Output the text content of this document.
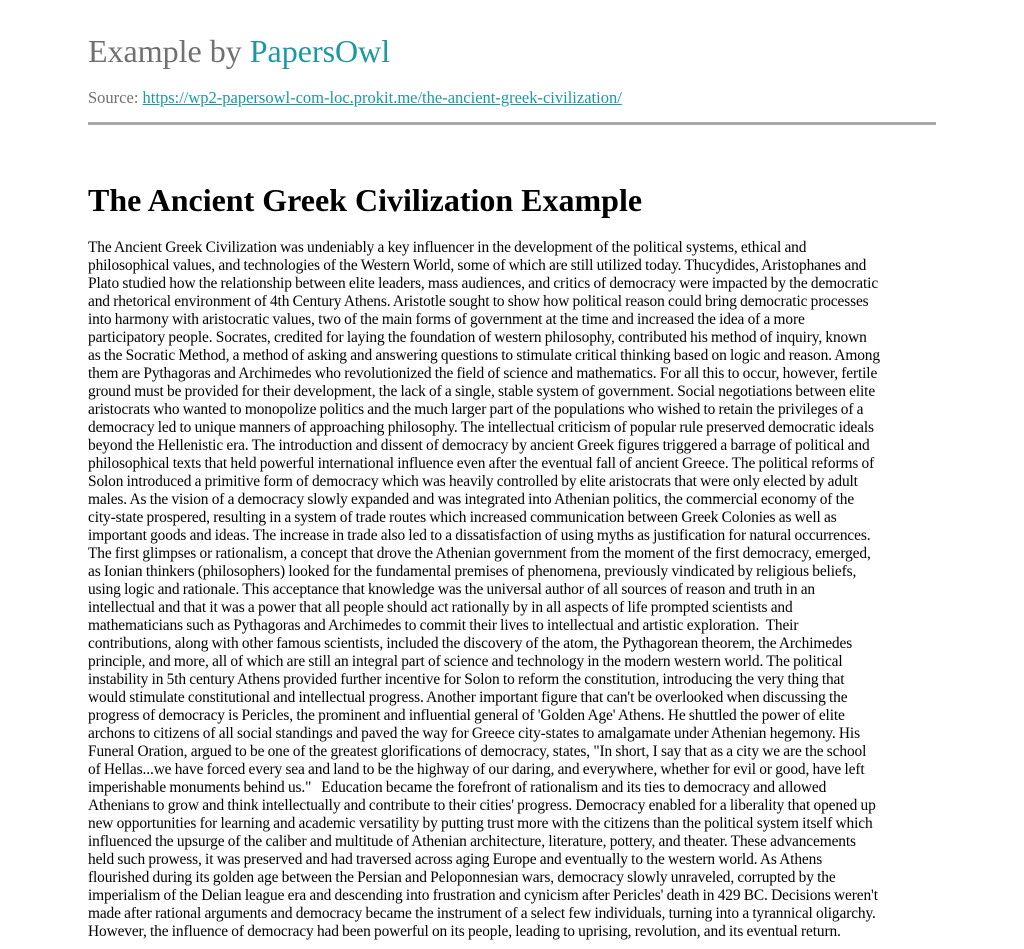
Example by PapersOwl
Source: https://wp2-papersowl-com-loc.prokit.me/the-ancient-greek-civilization/
The Ancient Greek Civilization Example
The Ancient Greek Civilization was undeniably a key influencer in the development of the political systems, ethical and
philosophical values, and technologies of the Western World, some of which are still utilized today. Thucydides, Aristophanes and
Plato studied how the relationship between elite leaders, mass audiences, and critics of democracy were impacted by the democratic
and rhetorical environment of 4th Century Athens. Aristotle sought to show how political reason could bring democratic processes
into harmony with aristocratic values, two of the main forms of government at the time and increased the idea of a more
participatory people. Socrates, credited for laying the foundation of western philosophy, contributed his method of inquiry, known
as the Socratic Method, a method of asking and answering questions to stimulate critical thinking based on logic and reason. Among
them are Pythagoras and Archimedes who revolutionized the field of science and mathematics. For all this to occur, however, fertile
ground must be provided for their development, the lack of a single, stable system of government. Social negotiations between elite
aristocrats who wanted to monopolize politics and the much larger part of the populations who wished to retain the privileges of a
democracy led to unique manners of approaching philosophy. The intellectual criticism of popular rule preserved democratic ideals
beyond the Hellenistic era. The introduction and dissent of democracy by ancient Greek figures triggered a barrage of political and
philosophical texts that held powerful international influence even after the eventual fall of ancient Greece. The political reforms of
Solon introduced a primitive form of democracy which was heavily controlled by elite aristocrats that were only elected by adult
males. As the vision of a democracy slowly expanded and was integrated into Athenian politics, the commercial economy of the
city-state prospered, resulting in a system of trade routes which increased communication between Greek Colonies as well as
important goods and ideas. The increase in trade also led to a dissatisfaction of using myths as justification for natural occurrences.
The first glimpses or rationalism, a concept that drove the Athenian government from the moment of the first democracy, emerged,
as Ionian thinkers (philosophers) looked for the fundamental premises of phenomena, previously vindicated by religious beliefs,
using logic and rationale. This acceptance that knowledge was the universal author of all sources of reason and truth in an
intellectual and that it was a power that all people should act rationally by in all aspects of life prompted scientists and
mathematicians such as Pythagoras and Archimedes to commit their lives to intellectual and artistic exploration.  Their
contributions, along with other famous scientists, included the discovery of the atom, the Pythagorean theorem, the Archimedes
principle, and more, all of which are still an integral part of science and technology in the modern western world. The political
instability in 5th century Athens provided further incentive for Solon to reform the constitution, introducing the very thing that
would stimulate constitutional and intellectual progress. Another important figure that can't be overlooked when discussing the
progress of democracy is Pericles, the prominent and influential general of 'Golden Age' Athens. He shuttled the power of elite
archons to citizens of all social standings and paved the way for Greece city-states to amalgamate under Athenian hegemony. His
Funeral Oration, argued to be one of the greatest glorifications of democracy, states, "In short, I say that as a city we are the school
of Hellas...we have forced every sea and land to be the highway of our daring, and everywhere, whether for evil or good, have left
imperishable monuments behind us."   Education became the forefront of rationalism and its ties to democracy and allowed
Athenians to grow and think intellectually and contribute to their cities' progress. Democracy enabled for a liberality that opened up
new opportunities for learning and academic versatility by putting trust more with the citizens than the political system itself which
influenced the upsurge of the caliber and multitude of Athenian architecture, literature, pottery, and theater. These advancements
held such prowess, it was preserved and had traversed across aging Europe and eventually to the western world. As Athens
flourished during its golden age between the Persian and Peloponnesian wars, democracy slowly unraveled, corrupted by the
imperialism of the Delian league era and descending into frustration and cynicism after Pericles' death in 429 BC. Decisions weren't
made after rational arguments and democracy became the instrument of a select few individuals, turning into a tyrannical oligarchy.
However, the influence of democracy had been powerful on its people, leading to uprising, revolution, and its eventual return.
